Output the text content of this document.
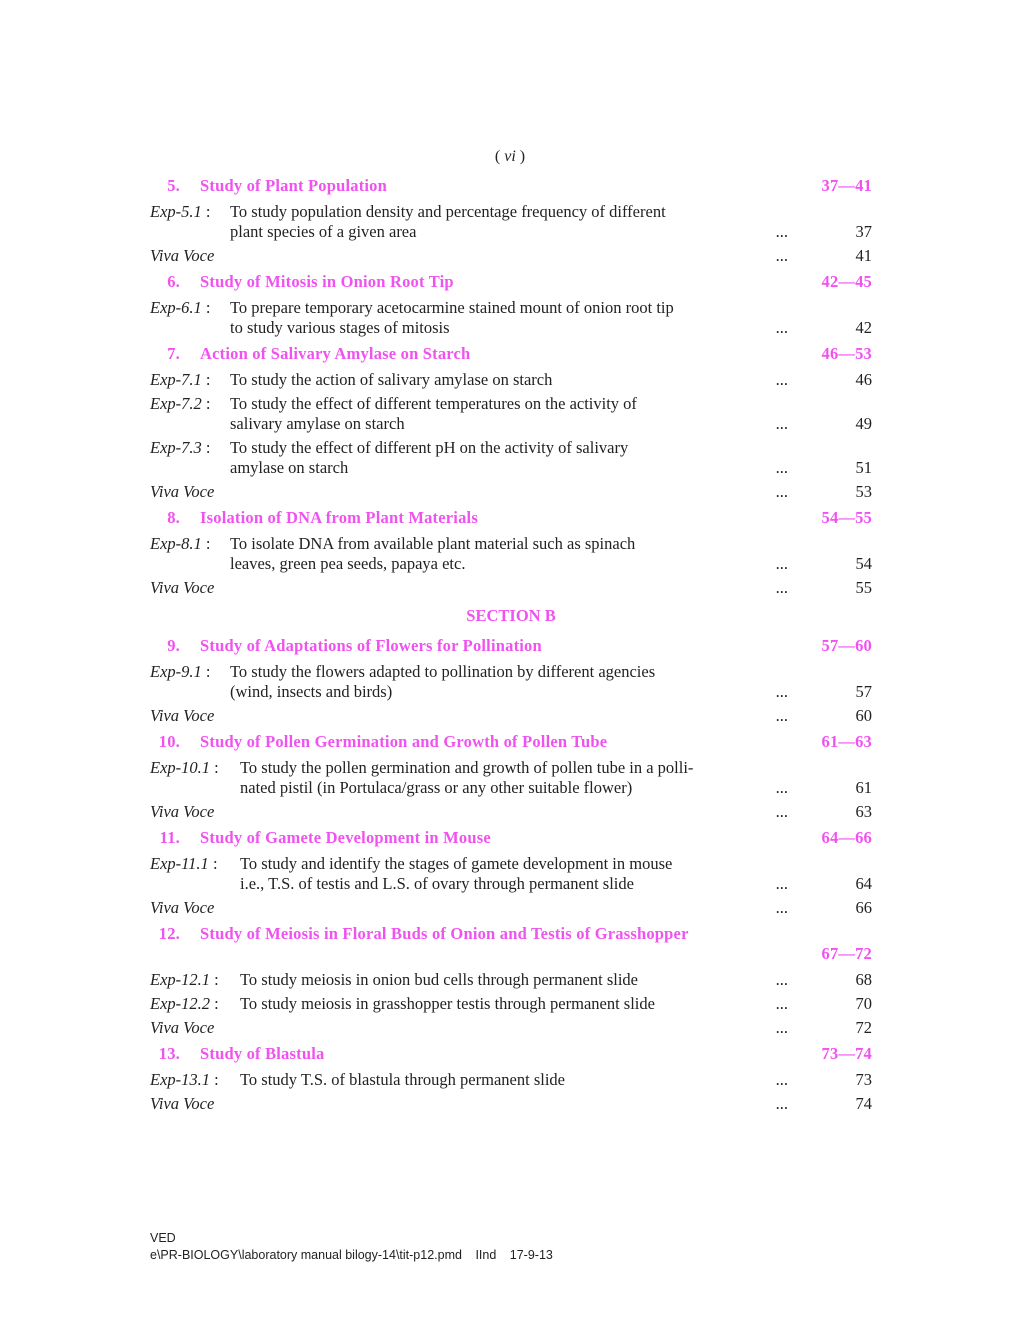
( vi )
5. Study of Plant Population	37—41
Exp-5.1 : To study population density and percentage frequency of different
plant species of a given area	...	37
Viva Voce	...	41
6. Study of Mitosis in Onion Root Tip	42—45
Exp-6.1 : To prepare temporary acetocarmine stained mount of onion root tip
to study various stages of mitosis	...	42
7. Action of Salivary Amylase on Starch	46—53
Exp-7.1 : To study the action of salivary amylase on starch	...	46
Exp-7.2 : To study the effect of different temperatures on the activity of
salivary amylase on starch	...	49
Exp-7.3 : To study the effect of different pH on the activity of salivary
amylase on starch	...	51
Viva Voce	...	53
8. Isolation of DNA from Plant Materials	54—55
Exp-8.1 : To isolate DNA from available plant material such as spinach
leaves, green pea seeds, papaya etc.	...	54
Viva Voce	...	55
SECTION B
9. Study of Adaptations of Flowers for Pollination	57—60
Exp-9.1 : To study the flowers adapted to pollination by different agencies
(wind, insects and birds)	...	57
Viva Voce	...	60
10. Study of Pollen Germination and Growth of Pollen Tube	61—63
Exp-10.1 :	To study the pollen germination and growth of pollen tube in a polli-
nated pistil (in Portulaca/grass or any other suitable flower)	...	61
Viva Voce	...	63
11. Study of Gamete Development in Mouse	64—66
Exp-11.1 :	To study and identify the stages of gamete development in mouse
i.e., T.S. of testis and L.S. of ovary through permanent slide	...	64
Viva Voce	...	66
12. Study of Meiosis in Floral Buds of Onion and Testis of Grasshopper
67—72
Exp-12.1 :	To study meiosis in onion bud cells through permanent slide	...	68
Exp-12.2 :	To study meiosis in grasshopper testis through permanent slide	...	70
Viva Voce	...	72
13. Study of Blastula	73—74
Exp-13.1 :	To study T.S. of blastula through permanent slide	...	73
Viva Voce	...	74
VED
e\PR-BIOLOGY\laboratory manual bilogy-14\tit-p12.pmd IInd 17-9-13
